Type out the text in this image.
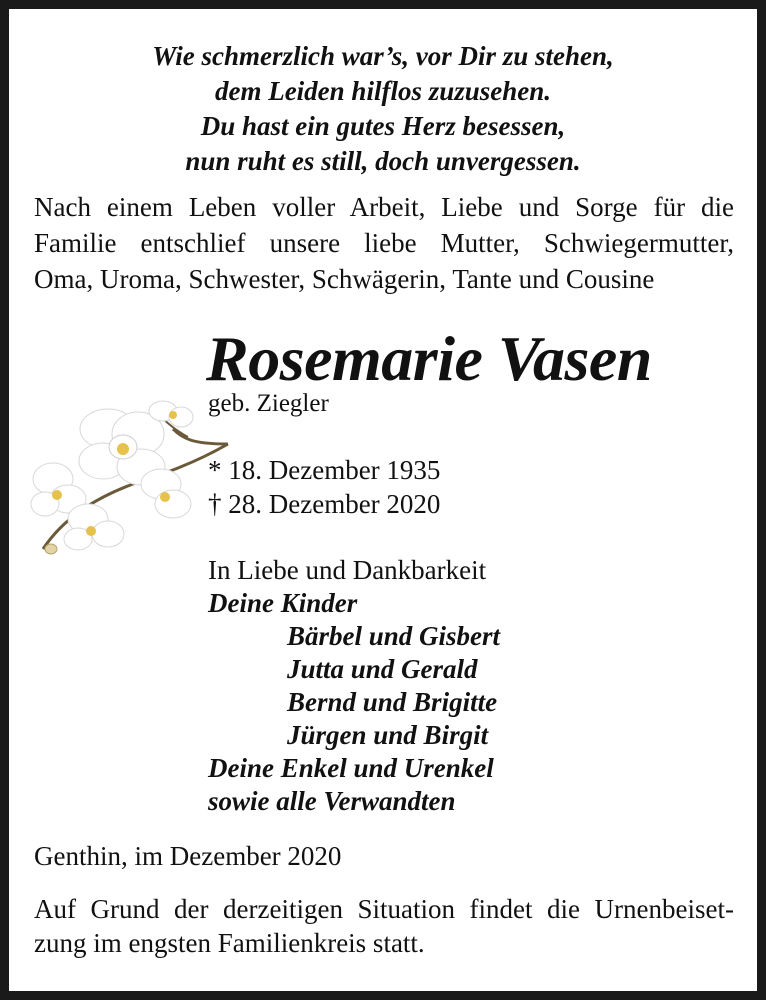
Wie schmerzlich war’s, vor Dir zu stehen,
dem Leiden hilflos zuzusehen.
Du hast ein gutes Herz besessen,
nun ruht es still, doch unvergessen.
Nach einem Leben voller Arbeit, Liebe und Sorge für die
Familie entschlief unsere liebe Mutter, Schwiegermutter,
Oma, Uroma, Schwester, Schwägerin, Tante und Cousine
Rosemarie Vasen
geb. Ziegler
* 18. Dezember 1935
† 28. Dezember 2020
In Liebe und Dankbarkeit
Deine Kinder
Bärbel und Gisbert
Jutta und Gerald
Bernd und Brigitte
Jürgen und Birgit
Deine Enkel und Urenkel
sowie alle Verwandten
Genthin, im Dezember 2020
Auf Grund der derzeitigen Situation findet die Urnenbeiset-
zung im engsten Familienkreis statt.
